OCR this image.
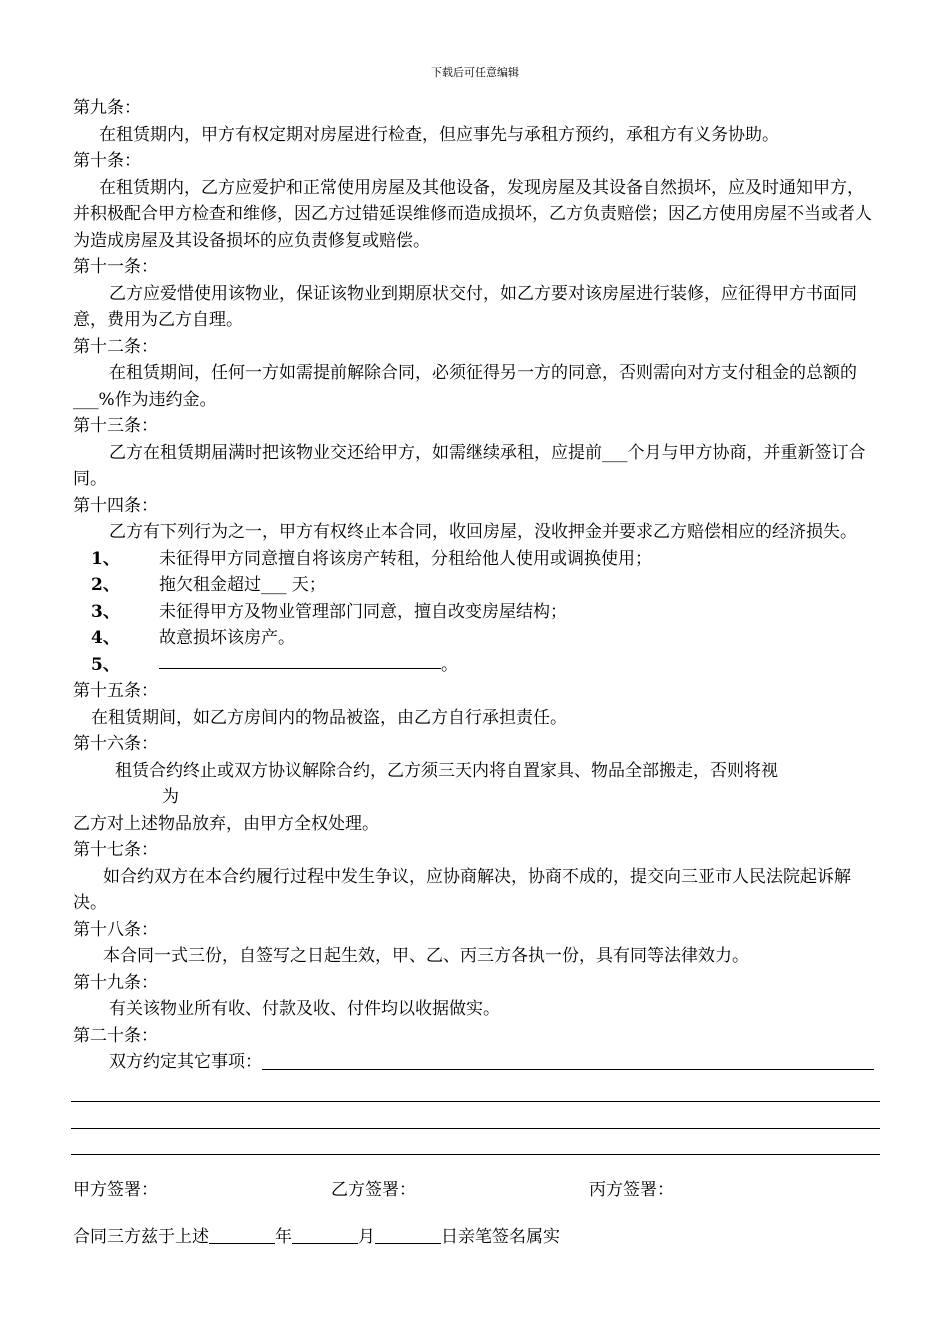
下载后可任意编辑
第九条：
在租赁期内，甲方有权定期对房屋进行检查，但应事先与承租方预约，承租方有义务协助。
第十条：
在租赁期内，乙方应爱护和正常使用房屋及其他设备，发现房屋及其设备自然损坏，应及时通知甲方，并积极配合甲方检查和维修，因乙方过错延误维修而造成损坏，乙方负责赔偿；因乙方使用房屋不当或者人为造成房屋及其设备损坏的应负责修复或赔偿。
第十一条：
乙方应爱惜使用该物业，保证该物业到期原状交付，如乙方要对该房屋进行装修，应征得甲方书面同意，费用为乙方自理。
第十二条：
在租赁期间，任何一方如需提前解除合同，必须征得另一方的同意，否则需向对方支付租金的总额的___%作为违约金。
第十三条：
乙方在租赁期届满时把该物业交还给甲方，如需继续承租，应提前___个月与甲方协商，并重新签订合同。
第十四条：
乙方有下列行为之一，甲方有权终止本合同，收回房屋，没收押金并要求乙方赔偿相应的经济损失。
1、	未征得甲方同意擅自将该房产转租，分租给他人使用或调换使用；
2、	拖欠租金超过___ 天；
3、	未征得甲方及物业管理部门同意，擅自改变房屋结构；
4、	故意损坏该房产。
5、	。
第十五条：
在租赁期间，如乙方房间内的物品被盗，由乙方自行承担责任。
第十六条：
租赁合约终止或双方协议解除合约，乙方须三天内将自置家具、物品全部搬走，否则将视
为
乙方对上述物品放弃，由甲方全权处理。
第十七条：
如合约双方在本合约履行过程中发生争议，应协商解决，协商不成的，提交向三亚市人民法院起诉解决。
第十八条：
本合同一式三份，自签写之日起生效，甲、乙、丙三方各执一份，具有同等法律效力。
第十九条：
有关该物业所有收、付款及收、付件均以收据做实。
第二十条：
双方约定其它事项：
甲方签署：	乙方签署：	丙方签署：
合同三方兹于上述	年	月	日亲笔签名属实
